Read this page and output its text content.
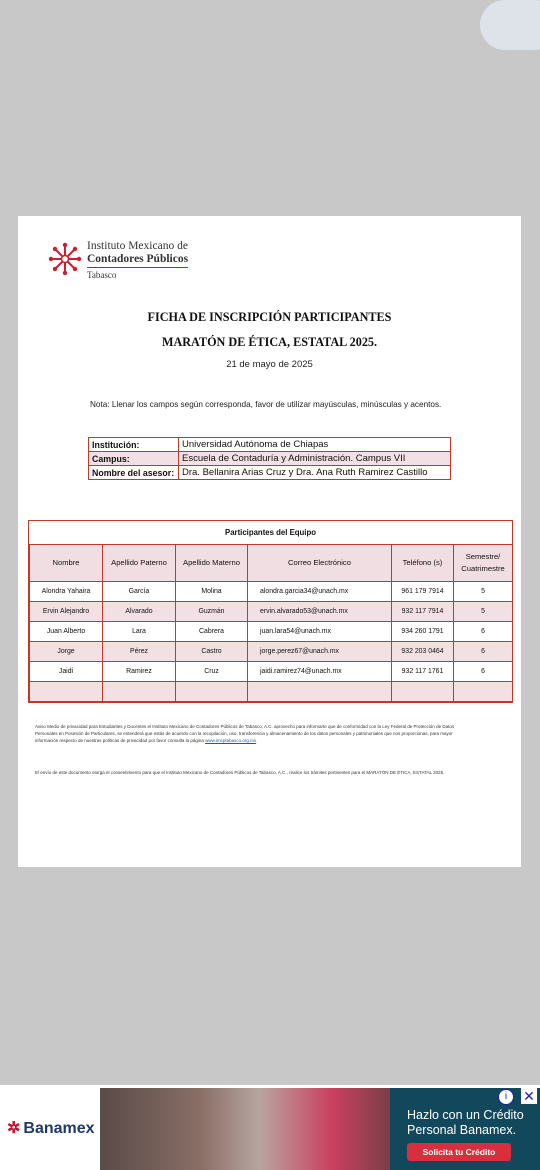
Instituto Mexicano de
Contadores Públicos
Tabasco
FICHA DE INSCRIPCIÓN PARTICIPANTES
MARATÓN DE ÉTICA, ESTATAL 2025.
21 de mayo de 2025
Nota: Llenar los campos según corresponda, favor de utilizar mayúsculas, minúsculas y acentos.
Institución:	Universidad Autónoma de Chiapas
Campus:	Escuela de Contaduría y Administración. Campus VII
Nombre del asesor:	Dra. Bellanira Arias Cruz y Dra. Ana Ruth Ramirez Castillo
Participantes del Equipo
Nombre	Apellido Paterno	Apellido Materno	Correo Electrónico	Teléfono (s)	Semestre/ Cuatrimestre
Alondra Yahaira	García	Molina	alondra.garcia34@unach.mx	961 179 7914	5
Ervin Alejandro	Alvarado	Guzmán	ervin.alvarado53@unach.mx	932 117 7914	5
Juan Alberto	Lara	Cabrera	juan.lara54@unach.mx	934 260 1791	6
Jorge	Pérez	Castro	jorge.perez67@unach.mx	932 203 0464	6
Jaidi	Ramirez	Cruz	jaidi.ramirez74@unach.mx	932 117 1761	6

Aviso Medio de privacidad para Estudiantes y Docentes el Instituto Mexicano de Contadores Públicos de Tabasco, A.C. aprovecho para informarte que de conformidad con la Ley Federal de Protección de Datos Personales en Posesión de Particulares, se entenderá que estás de acuerdo con la recopilación, uso, transferencia y almacenamiento de los datos personales y patrimoniales que nos proporcionas, para mayor información respecto de nuestras políticas de privacidad por favor consulta la página www.imcptabasco.org.mx
El envío de este documento otorga el consentimiento para que el Instituto Mexicano de Contadores Públicos de Tabasco, A.C., realice los trámites pertinentes para el MARATÓN DE ÉTICA, ESTATAL 2025.
✲ Banamex
Hazlo con un Crédito
Personal Banamex.
Solicita tu Crédito
i	✕
